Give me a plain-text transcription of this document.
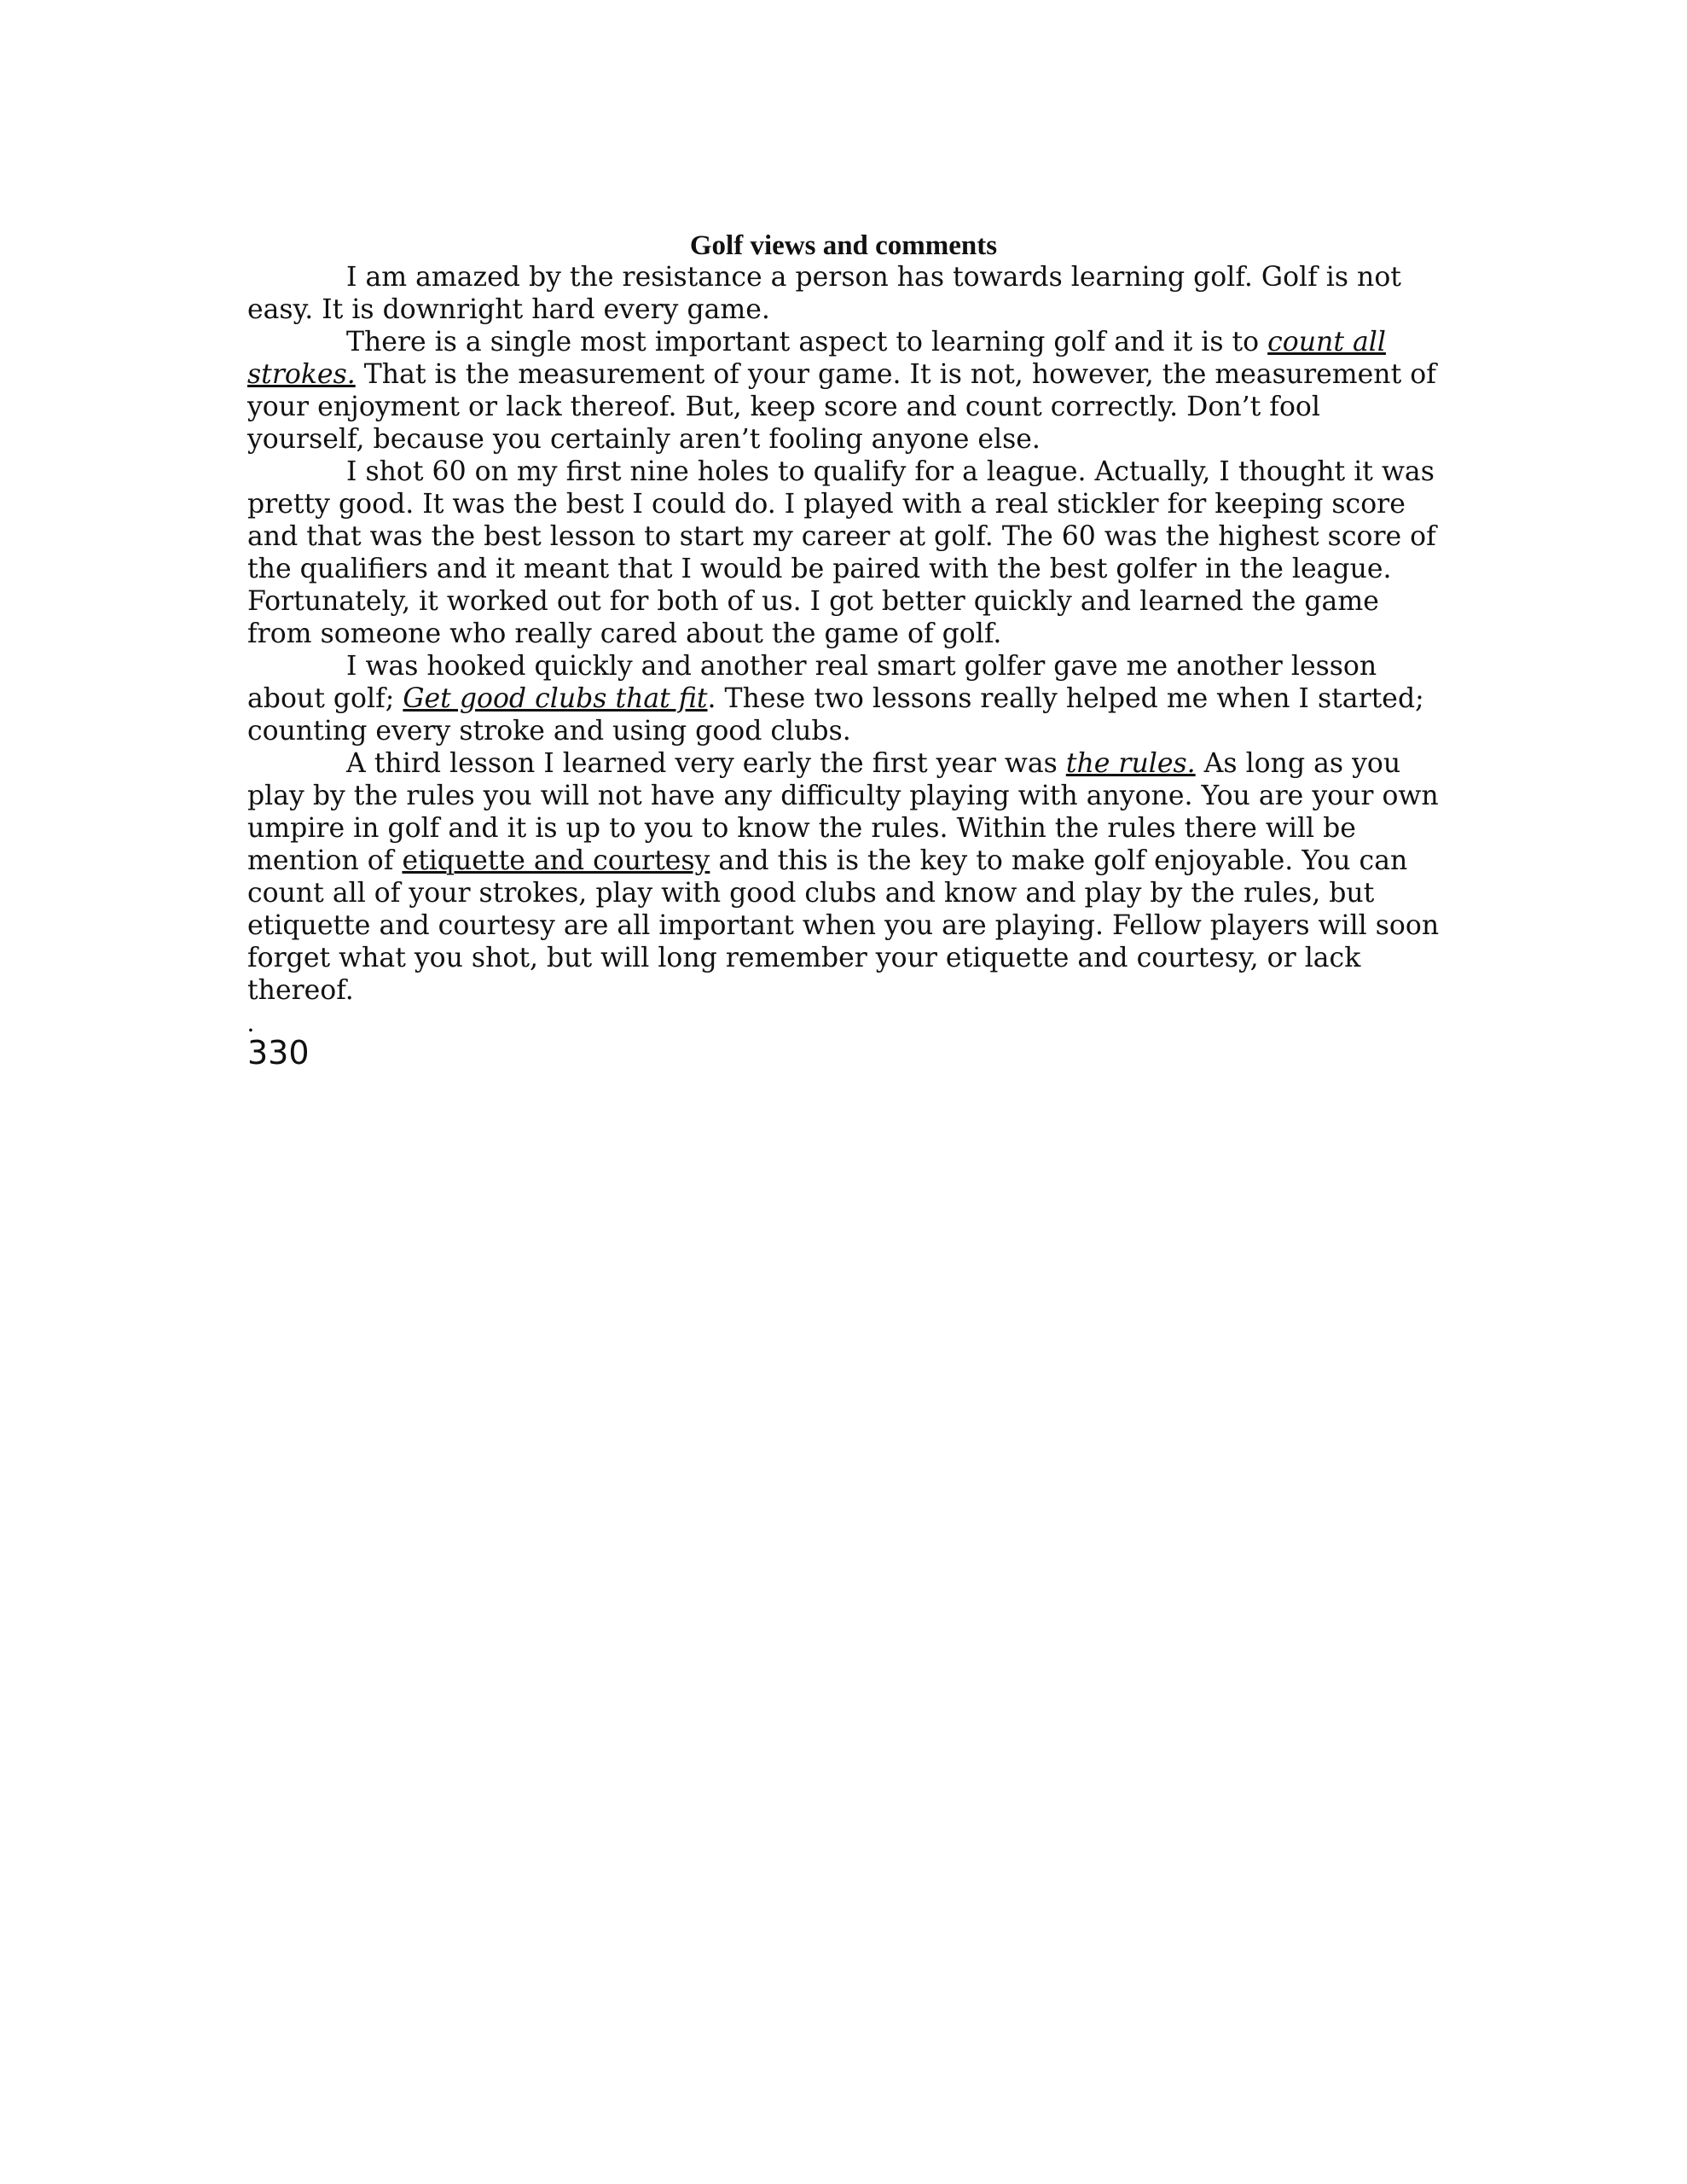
Golf views and comments

I am amazed by the resistance a person has towards learning golf. Golf is not
easy. It is downright hard every game.

There is a single most important aspect to learning golf and it is to count all
strokes. That is the measurement of your game. It is not, however, the measurement of
your enjoyment or lack thereof. But, keep score and count correctly. Don’t fool
yourself, because you certainly aren’t fooling anyone else.

I shot 60 on my first nine holes to qualify for a league. Actually, I thought it was
pretty good. It was the best I could do. I played with a real stickler for keeping score
and that was the best lesson to start my career at golf. The 60 was the highest score of
the qualifiers and it meant that I would be paired with the best golfer in the league.
Fortunately, it worked out for both of us. I got better quickly and learned the game
from someone who really cared about the game of golf.

I was hooked quickly and another real smart golfer gave me another lesson
about golf; Get good clubs that fit. These two lessons really helped me when I started;
counting every stroke and using good clubs.

A third lesson I learned very early the first year was the rules. As long as you
play by the rules you will not have any difficulty playing with anyone. You are your own
umpire in golf and it is up to you to know the rules. Within the rules there will be
mention of etiquette and courtesy and this is the key to make golf enjoyable. You can
count all of your strokes, play with good clubs and know and play by the rules, but
etiquette and courtesy are all important when you are playing. Fellow players will soon
forget what you shot, but will long remember your etiquette and courtesy, or lack
thereof.

.

330
